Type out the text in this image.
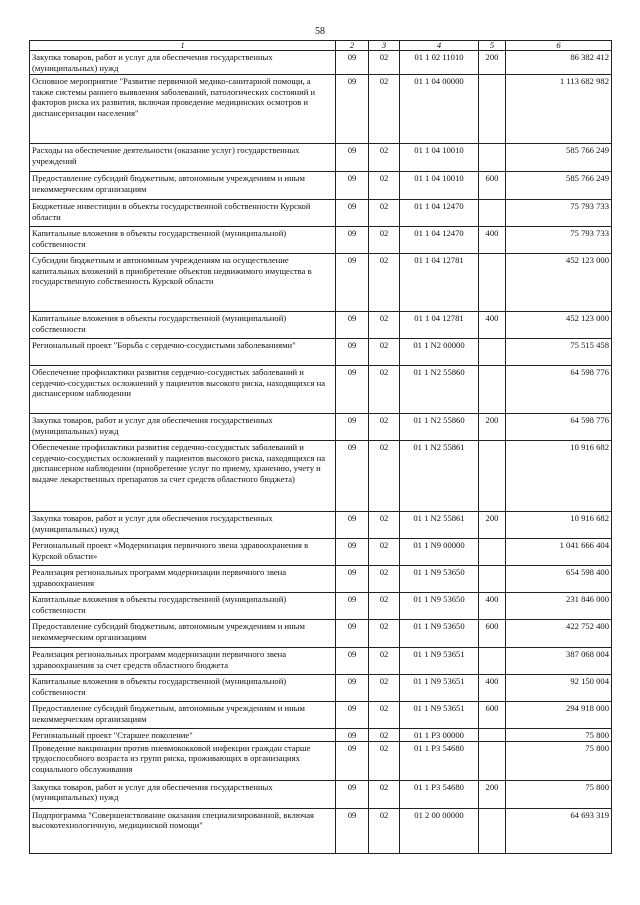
58
1	2	3	4	5	6
Закупка товаров, работ и услуг для обеспечения государственных (муниципальных) нужд	09	02	01 1 02 11010	200	86 382 412
Основное мероприятие "Развитие первичной медико-санитарной помощи, а также системы раннего выявления заболеваний, патологических состояний и факторов риска их развития, включая проведение медицинских осмотров и диспансеризации населения"	09	02	01 1 04 00000		1 113 682 982
Расходы на обеспечение деятельности (оказание услуг) государственных учреждений	09	02	01 1 04 10010		585 766 249
Предоставление субсидий бюджетным, автономным учреждениям и иным некоммерческим организациям	09	02	01 1 04 10010	600	585 766 249
Бюджетные инвестиции в объекты государственной собственности Курской области	09	02	01 1 04 12470		75 793 733
Капитальные вложения в объекты государственной (муниципальной) собственности	09	02	01 1 04 12470	400	75 793 733
Субсидии бюджетным и автономным учреждениям на осуществление капитальных вложений в приобретение объектов недвижимого имущества в государственную собственность Курской области	09	02	01 1 04 12781		452 123 000
Капитальные вложения в объекты государственной (муниципальной) собственности	09	02	01 1 04 12781	400	452 123 000
Региональный проект "Борьба с сердечно-сосудистыми заболеваниями"	09	02	01 1 N2 00000		75 515 458
Обеспечение профилактики развития сердечно-сосудистых заболеваний и сердечно-сосудистых осложнений у пациентов высокого риска, находящихся на диспансерном наблюдении	09	02	01 1 N2 55860		64 598 776
Закупка товаров, работ и услуг для обеспечения государственных (муниципальных) нужд	09	02	01 1 N2 55860	200	64 598 776
Обеспечение профилактики развития сердечно-сосудистых заболеваний и сердечно-сосудистых осложнений у пациентов высокого риска, находящихся на диспансерном наблюдении (приобретение услуг по приему, хранению, учету и выдаче лекарственных препаратов за счет средств областного бюджета)	09	02	01 1 N2 55861		10 916 682
Закупка товаров, работ и услуг для обеспечения государственных (муниципальных) нужд	09	02	01 1 N2 55861	200	10 916 682
Региональный проект «Модернизация первичного звена здравоохранения в Курской области»	09	02	01 1 N9 00000		1 041 666 404
Реализация региональных программ модернизации первичного звена здравоохранения	09	02	01 1 N9 53650		654 598 400
Капитальные вложения в объекты государственной (муниципальной) собственности	09	02	01 1 N9 53650	400	231 846 000
Предоставление субсидий бюджетным, автономным учреждениям и иным некоммерческим организациям	09	02	01 1 N9 53650	600	422 752 400
Реализация региональных программ модернизации первичного звена здравоохранения за счет средств областного бюджета	09	02	01 1 N9 53651		387 068 004
Капитальные вложения в объекты государственной (муниципальной) собственности	09	02	01 1 N9 53651	400	92 150 004
Предоставление субсидий бюджетным, автономным учреждениям и иным некоммерческим организациям	09	02	01 1 N9 53651	600	294 918 000
Региональный проект "Старшее поколение"	09	02	01 1 P3 00000		75 800
Проведение вакцинации против пневмококковой инфекции граждан старше трудоспособного возраста из групп риска, проживающих в организациях социального обслуживания	09	02	01 1 P3 54680		75 800
Закупка товаров, работ и услуг для обеспечения государственных (муниципальных) нужд	09	02	01 1 P3 54680	200	75 800
Подпрограмма "Совершенствование оказания специализированной, включая высокотехнологичную, медицинской помощи"	09	02	01 2 00 00000		64 693 319
